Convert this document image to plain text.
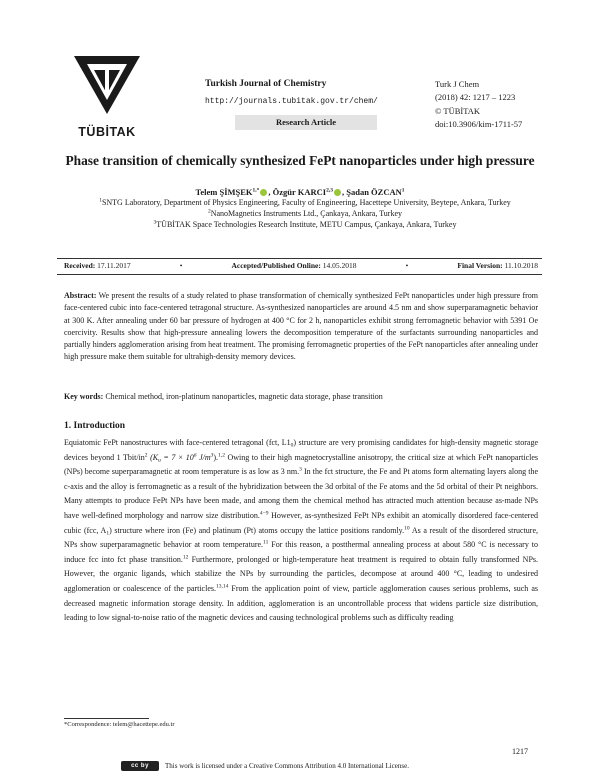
TÜBİTAK
Turkish Journal of Chemistry
http://journals.tubitak.gov.tr/chem/
Research Article
Turk J Chem
(2018) 42: 1217 – 1223
© TÜBİTAK
doi:10.3906/kim-1711-57
Phase transition of chemically synthesized FePt nanoparticles under high pressure
Telem $ŞİMŞEK^{1,*}$ , Özgür KARCI$^{2,3}$ , Şadan ÖZCAN$^1$
$^1$SNTG Laboratory, Department of Physics Engineering, Faculty of Engineering, Hacettepe University, Beytepe, Ankara, Turkey
$^2$NanoMagnetics Instruments Ltd., Çankaya, Ankara, Turkey
$^3$TÜBİTAK Space Technologies Research Institute, METU Campus, Çankaya, Ankara, Turkey
Received: 17.11.2017	•	Accepted/Published Online: 14.05.2018	•	Final Version: 11.10.2018
Abstract: We present the results of a study related to phase transformation of chemically synthesized FePt nanoparticles under high pressure from face-centered cubic into face-centered tetragonal structure. As-synthesized nanoparticles are around 4.5 nm and show superparamagnetic behavior at 300 K. After annealing under 60 bar pressure of hydrogen at 400 °C for 2 h, nanoparticles exhibit strong ferromagnetic behavior with 5391 Oe coercivity. Results show that high-pressure annealing lowers the decomposition temperature of the surfactants surrounding nanoparticles and partially hinders agglomeration arising from heat treatment. The promising ferromagnetic properties of the FePt nanoparticles after annealing under high pressure make them suitable for ultrahigh-density memory devices.
Key words: Chemical method, iron-platinum nanoparticles, magnetic data storage, phase transition
1. Introduction
Equiatomic FePt nanostructures with face-centered tetragonal (fct, $L1_0$) structure are very promising candidates for high-density magnetic storage devices beyond 1 Tbit/$in^2$ ($K_u = 7 \times 10^6$ $J/m^3).^{1,2}$ Owing to their high magnetocrystalline anisotropy, the critical size at which FePt nanoparticles (NPs) become superparamagnetic at room temperature is as low as 3 nm.$^3$ In the fct structure, the Fe and Pt atoms form alternating layers along the c-axis and the alloy is ferromagnetic as a result of the hybridization between the 3d orbital of the Fe atoms and the 5d orbital of their Pt neighbors. Many attempts to produce FePt NPs have been made, and among them the chemical method has attracted much attention because as-made NPs have well-defined morphology and narrow size distribution.$^{4-9}$ However, as-synthesized FePt NPs exhibit an atomically disordered face-centered cubic (fcc, $A_1$) structure where iron (Fe) and platinum (Pt) atoms occupy the lattice positions randomly.$^{10}$ As a result of the disordered structure, NPs show superparamagnetic behavior at room temperature.$^{11}$ For this reason, a postthermal annealing process at about 580 °C is necessary to induce fcc into fct phase transition.$^{12}$ Furthermore, prolonged or high-temperature heat treatment is required to obtain fully transformed NPs. However, the organic ligands, which stabilize the NPs by surrounding the particles, decompose at around 400 °C, leading to undesired agglomeration or coalescence of the particles.$^{13,14}$ From the application point of view, particle agglomeration causes serious problems, such as decreased magnetic information storage density. In addition, agglomeration is an uncontrollable process that widens particle size distribution, leading to low signal-to-noise ratio of the magnetic devices and causing technological problems such as difficulty reading
*Correspondence: telem@hacettepe.edu.tr
1217
cc by	This work is licensed under a Creative Commons Attribution 4.0 International License.
